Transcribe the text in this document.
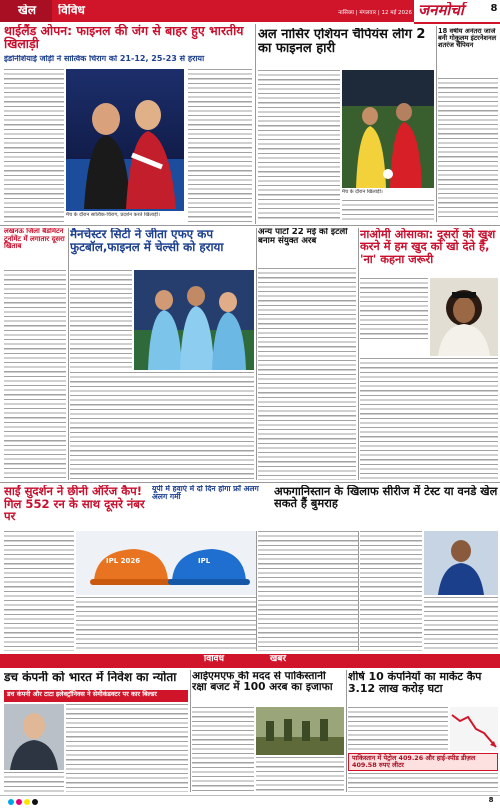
खेल	विविध	नासिक्य | मंगलवार | 12 मई 2026 जनमोर्चा	8
थाईलैंड ओपन: फाइनल की जंग से बाहर हुए भारतीय खिलाड़ी
इंडोनेशियाई जोड़ी ने सात्विक चिराग को 21-12, 25-23 से हराया
मैच के दौरान सात्विक-चिराग, प्रदर्शन करते खिलाड़ी।
अल नासिर एशियन चैंपियंस लीग 2 का फाइनल हारी
मैच के दौरान खिलाड़ी।
18 वर्षीय अनंतरा जार्ज बनी गोकुलम इंटरनेशनल शतरंज चैंपियन
लखनऊ जिला बैडमिंटन टूर्नामेंट में लगातार दूसरा खिताब
मैनचेस्टर सिटी ने जीता एफए कप फुटबॉल,फाइनल में चेल्सी को हराया
अन्य पार्टों 22 मई को इटली बनाम संयुक्त अरब
नाओमी ओसाका: दूसरों को खुश करने में हम खुद को खो देते हैं, 'ना' कहना जरूरी
साईं सुदर्शन ने छीनी ऑरेंज कैप! गिल 552 रन के साथ दूसरे नंबर पर
IPL 2026	IPL
यूपी में हवाएं में दो दिन होगा फ्रॉ अलग अलग गर्मी	अफगानिस्तान के खिलाफ सीरीज में टेस्ट या वनडे खेल सकते हैं बुमराह
विविध	खबरें
डच कंपनी को भारत में निवेश का न्योता
डच कंपनी और टाटा इलेक्ट्रॉनिक्स ने सेमीकंडक्टर पर कार बिल्डर
आईएमएफ की मदद से पाकिस्तानी रक्षा बजट में 100 अरब का इजाफा
शीर्ष 10 कंपनियों का मार्केट कैप 3.12 लाख करोड़ घटा
पाकिस्तान में पेट्रोल 409.26 और हाई-स्पीड डीज़ल 409.58 रुपए लीटर
8
